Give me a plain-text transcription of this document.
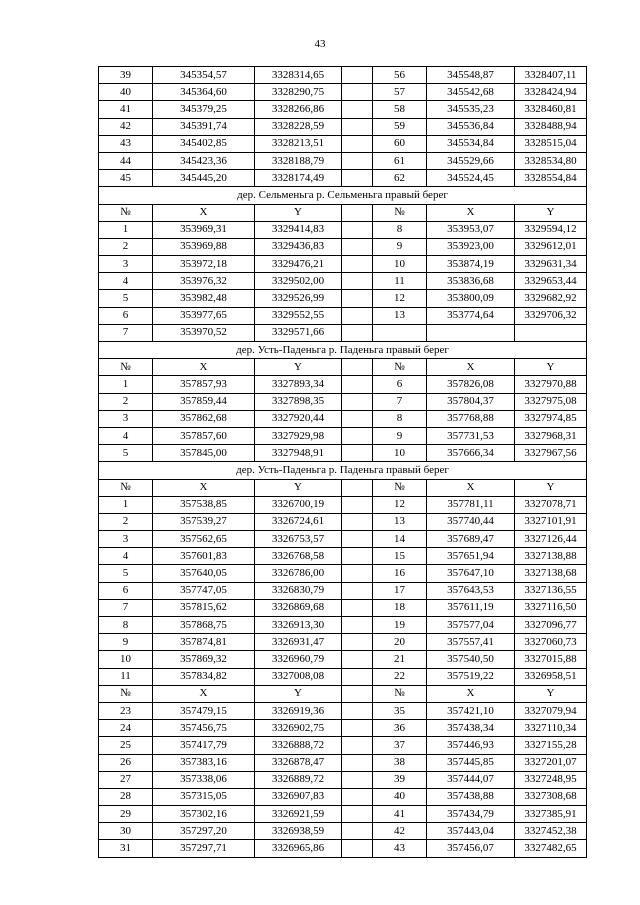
43
39	345354,57	3328314,65		56	345548,87	3328407,11
40	345364,60	3328290,75		57	345542,68	3328424,94
41	345379,25	3328266,86		58	345535,23	3328460,81
42	345391,74	3328228,59		59	345536,84	3328488,94
43	345402,85	3328213,51		60	345534,84	3328515,04
44	345423,36	3328188,79		61	345529,66	3328534,80
45	345445,20	3328174,49		62	345524,45	3328554,84
дер. Сельменьга р. Сельменьга правый берег						
№	X	Y		№	X	Y
1	353969,31	3329414,83		8	353953,07	3329594,12
2	353969,88	3329436,83		9	353923,00	3329612,01
3	353972,18	3329476,21		10	353874,19	3329631,34
4	353976,32	3329502,00		11	353836,68	3329653,44
5	353982,48	3329526,99		12	353800,09	3329682,92
6	353977,65	3329552,55		13	353774,64	3329706,32
7	353970,52	3329571,66				
дер. Усть-Паденьга р. Паденьга правый берег						
№	X	Y		№	X	Y
1	357857,93	3327893,34		6	357826,08	3327970,88
2	357859,44	3327898,35		7	357804,37	3327975,08
3	357862,68	3327920,44		8	357768,88	3327974,85
4	357857,60	3327929,98		9	357731,53	3327968,31
5	357845,00	3327948,91		10	357666,34	3327967,56
дер. Усть-Паденьга р. Паденьга правый берег						
№	X	Y		№	X	Y
1	357538,85	3326700,19		12	357781,11	3327078,71
2	357539,27	3326724,61		13	357740,44	3327101,91
3	357562,65	3326753,57		14	357689,47	3327126,44
4	357601,83	3326768,58		15	357651,94	3327138,88
5	357640,05	3326786,00		16	357647,10	3327138,68
6	357747,05	3326830,79		17	357643,53	3327136,55
7	357815,62	3326869,68		18	357611,19	3327116,50
8	357868,75	3326913,30		19	357577,04	3327096,77
9	357874,81	3326931,47		20	357557,41	3327060,73
10	357869,32	3326960,79		21	357540,50	3327015,88
11	357834,82	3327008,08		22	357519,22	3326958,51
№	X	Y		№	X	Y
23	357479,15	3326919,36		35	357421,10	3327079,94
24	357456,75	3326902,75		36	357438,34	3327110,34
25	357417,79	3326888,72		37	357446,93	3327155,28
26	357383,16	3326878,47		38	357445,85	3327201,07
27	357338,06	3326889,72		39	357444,07	3327248,95
28	357315,05	3326907,83		40	357438,88	3327308,68
29	357302,16	3326921,59		41	357434,79	3327385,91
30	357297,20	3326938,59		42	357443,04	3327452,38
31	357297,71	3326965,86		43	357456,07	3327482,65
